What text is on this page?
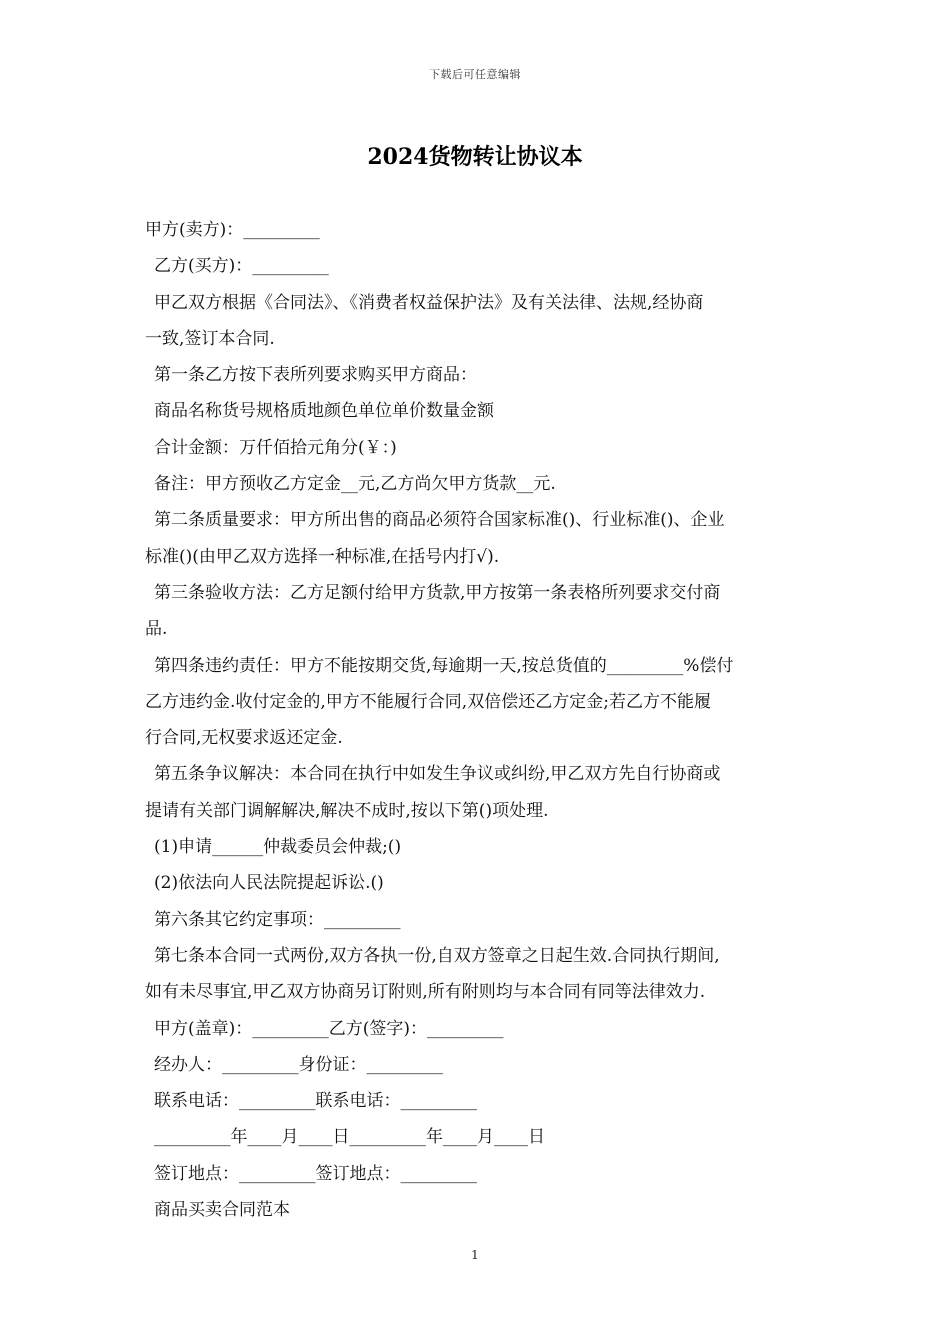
下载后可任意编辑
2024货物转让协议本
甲方(卖方)：_________
乙方(买方)：_________
甲乙双方根据《合同法》、《消费者权益保护法》及有关法律、法规,经协商
一致,签订本合同.
第一条乙方按下表所列要求购买甲方商品：
商品名称货号规格质地颜色单位单价数量金额
合计金额：万仟佰拾元角分(￥：)
备注：甲方预收乙方定金__元,乙方尚欠甲方货款__元.
第二条质量要求：甲方所出售的商品必须符合国家标准()、行业标准()、企业
标准()(由甲乙双方选择一种标准,在括号内打√).
第三条验收方法：乙方足额付给甲方货款,甲方按第一条表格所列要求交付商
品.
第四条违约责任：甲方不能按期交货,每逾期一天,按总货值的_________%偿付
乙方违约金.收付定金的,甲方不能履行合同,双倍偿还乙方定金;若乙方不能履
行合同,无权要求返还定金.
第五条争议解决：本合同在执行中如发生争议或纠纷,甲乙双方先自行协商或
提请有关部门调解解决,解决不成时,按以下第()项处理.
(1)申请______仲裁委员会仲裁;()
(2)依法向人民法院提起诉讼.()
第六条其它约定事项：_________
第七条本合同一式两份,双方各执一份,自双方签章之日起生效.合同执行期间,
如有未尽事宜,甲乙双方协商另订附则,所有附则均与本合同有同等法律效力.
甲方(盖章)：_________乙方(签字)：_________
经办人：_________身份证：_________
联系电话：_________联系电话：_________
_________年____月____日_________年____月____日
签订地点：_________签订地点：_________
商品买卖合同范本
1
